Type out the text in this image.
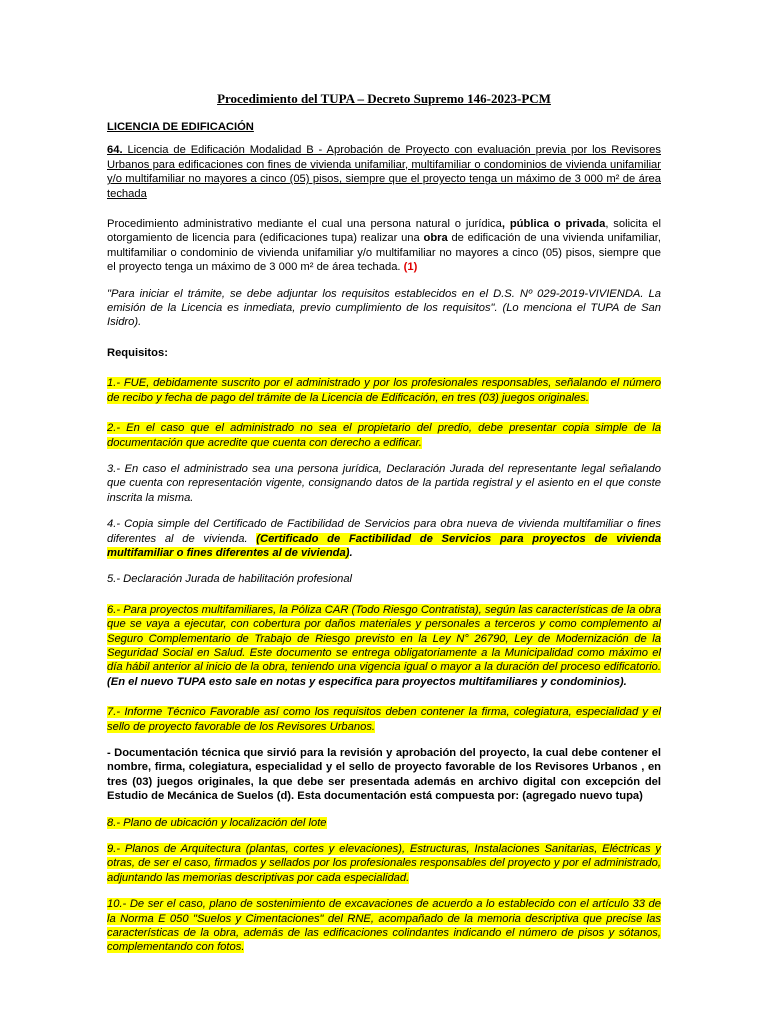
Procedimiento del TUPA – Decreto Supremo 146-2023-PCM
LICENCIA DE EDIFICACIÓN

64. Licencia de Edificación Modalidad B - Aprobación de Proyecto con evaluación previa por los Revisores Urbanos para edificaciones con fines de vivienda unifamiliar, multifamiliar o condominios de vivienda unifamiliar y/o multifamiliar no mayores a cinco (05) pisos, siempre que el proyecto tenga un máximo de 3 000 m² de área techada

Procedimiento administrativo mediante el cual una persona natural o jurídica, pública o privada, solicita el otorgamiento de licencia para (edificaciones tupa) realizar una obra de edificación de una vivienda unifamiliar, multifamiliar o condominio de vivienda unifamiliar y/o multifamiliar no mayores a cinco (05) pisos, siempre que el proyecto tenga un máximo de 3 000 m² de área techada. (1)

"Para iniciar el trámite, se debe adjuntar los requisitos establecidos en el D.S. Nº 029-2019-VIVIENDA. La emisión de la Licencia es inmediata, previo cumplimiento de los requisitos". (Lo menciona el TUPA de San Isidro).

Requisitos:

1.- FUE, debidamente suscrito por el administrado y por los profesionales responsables, señalando el número de recibo y fecha de pago del trámite de la Licencia de Edificación, en tres (03) juegos originales.

2.- En el caso que el administrado no sea el propietario del predio, debe presentar copia simple de la documentación que acredite que cuenta con derecho a edificar.

3.- En caso el administrado sea una persona jurídica, Declaración Jurada del representante legal señalando que cuenta con representación vigente, consignando datos de la partida registral y el asiento en el que conste inscrita la misma.

4.- Copia simple del Certificado de Factibilidad de Servicios para obra nueva de vivienda multifamiliar o fines diferentes al de vivienda. (Certificado de Factibilidad de Servicios para proyectos de vivienda multifamiliar o fines diferentes al de vivienda).

5.- Declaración Jurada de habilitación profesional

6.- Para proyectos multifamiliares, la Póliza CAR (Todo Riesgo Contratista), según las características de la obra que se vaya a ejecutar, con cobertura por daños materiales y personales a terceros y como complemento al Seguro Complementario de Trabajo de Riesgo previsto en la Ley N° 26790, Ley de Modernización de la Seguridad Social en Salud. Este documento se entrega obligatoriamente a la Municipalidad como máximo el día hábil anterior al inicio de la obra, teniendo una vigencia igual o mayor a la duración del proceso edificatorio. (En el nuevo TUPA esto sale en notas y especifica para proyectos multifamiliares y condominios).

7.- Informe Técnico Favorable así como los requisitos deben contener la firma, colegiatura, especialidad y el sello de proyecto favorable de los Revisores Urbanos.

- Documentación técnica que sirvió para la revisión y aprobación del proyecto, la cual debe contener el nombre, firma, colegiatura, especialidad y el sello de proyecto favorable de los Revisores Urbanos , en tres (03) juegos originales, la que debe ser presentada además en archivo digital con excepción del Estudio de Mecánica de Suelos (d). Esta documentación está compuesta por: (agregado nuevo tupa)

8.- Plano de ubicación y localización del lote

9.- Planos de Arquitectura (plantas, cortes y elevaciones), Estructuras, Instalaciones Sanitarias, Eléctricas y otras, de ser el caso, firmados y sellados por los profesionales responsables del proyecto y por el administrado, adjuntando las memorias descriptivas por cada especialidad.

10.- De ser el caso, plano de sostenimiento de excavaciones de acuerdo a lo establecido con el artículo 33 de la Norma E 050 "Suelos y Cimentaciones" del RNE, acompañado de la memoria descriptiva que precise las características de la obra, además de las edificaciones colindantes indicando el número de pisos y sótanos, complementando con fotos.
